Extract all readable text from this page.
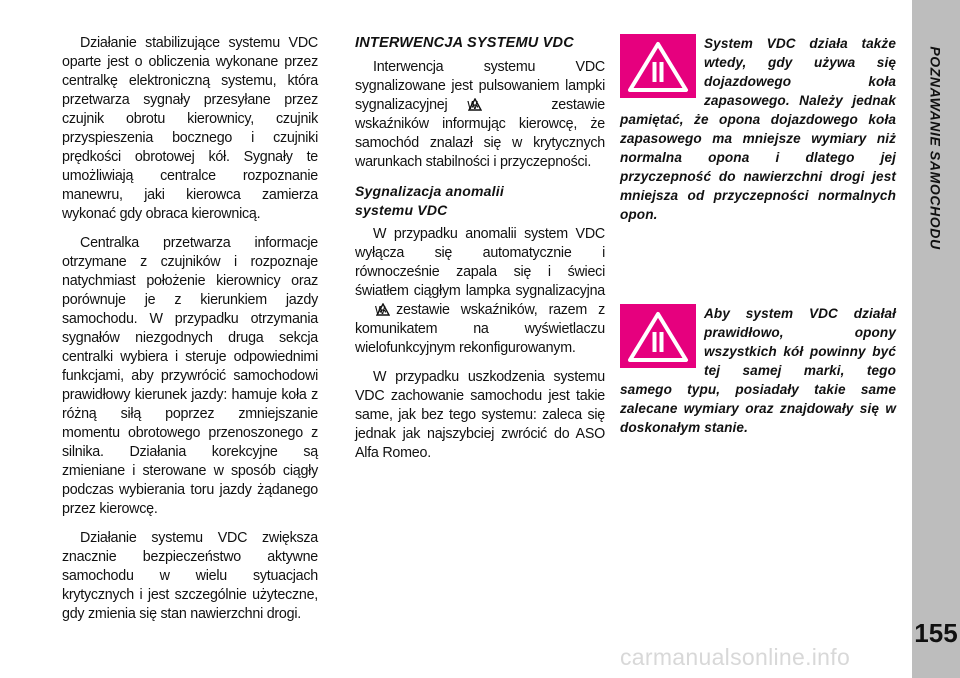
Działanie stabilizujące systemu VDC oparte jest o obliczenia wykonane przez centralkę elektroniczną systemu, która przetwarza sygnały przesyłane przez czujnik obrotu kierownicy, czujnik przyspieszenia bocznego i czujniki prędkości obrotowej kół. Sygnały te umożliwiają centralce rozpoznanie manewru, jaki kierowca zamierza wykonać gdy obraca kierownicą.

Centralka przetwarza informacje otrzymane z czujników i rozpoznaje natychmiast położenie kierownicy oraz porównuje je z kierunkiem jazdy samochodu. W przypadku otrzymania sygnałów niezgodnych druga sekcja centralki wybiera i steruje odpowiednimi funkcjami, aby przywrócić samochodowi prawidłowy kierunek jazdy: hamuje koła z różną siłą poprzez zmniejszanie momentu obrotowego przenoszonego z silnika. Działania korekcyjne są zmieniane i sterowane w sposób ciągły podczas wybierania toru jazdy żądanego przez kierowcę.

Działanie systemu VDC zwiększa znacznie bezpieczeństwo aktywne samochodu w wielu sytuacjach krytycznych i jest szczególnie użyteczne, gdy zmienia się stan nawierzchni drogi.

INTERWENCJA SYSTEMU VDC

Interwencja systemu VDC sygnalizowane jest pulsowaniem lampki sygnalizacyjnej w zestawie wskaźników informując kierowcę, że samochód znalazł się w krytycznych warunkach stabilności i przyczepności.

Sygnalizacja anomalii
systemu VDC

W przypadku anomalii system VDC wyłącza się automatycznie i równocześnie zapala się i świeci światłem ciągłym lampka sygnalizacyjnaw zestawie wskaźników, razem z komunikatem na wyświetlaczu wielofunkcyjnym rekonfigurowanym.

W przypadku uszkodzenia systemu VDC zachowanie samochodu jest takie same, jak bez tego systemu: zaleca się jednak jak najszybciej zwrócić do ASO Alfa Romeo.

System VDC działa także wtedy, gdy używa się dojazdowego koła zapasowego. Należy jednak pamiętać, że opona dojazdowego koła zapasowego ma mniejsze wymiary niż normalna opona i dlatego jej przyczepność do nawierzchni drogi jest mniejsza od przyczepności normalnych opon.
Aby system VDC działał prawidłowo, opony wszystkich kół powinny być tej samej marki, tego samego typu, posiadały takie same zalecane wymiary oraz znajdowały się w doskonałym stanie.
POZNAWANIE SAMOCHODU
155
carmanualsonline.info
